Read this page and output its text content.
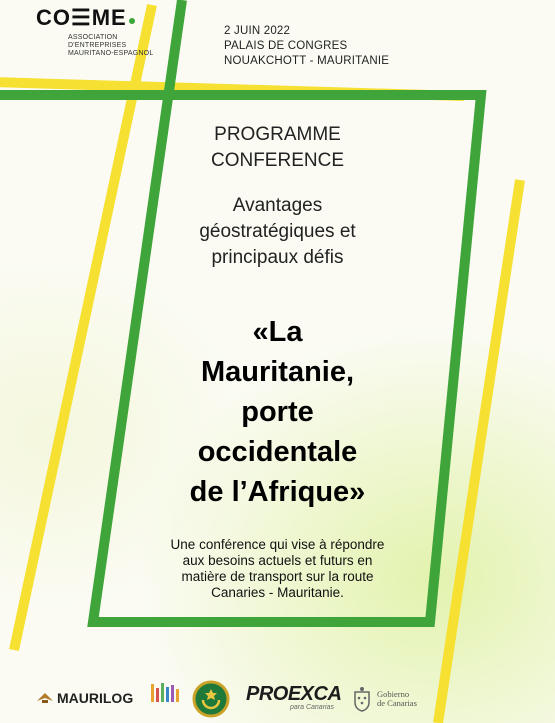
CO☰ME
ASSOCIATION
D'ENTREPRISES
MAURITANO-ESPAGNOL
2 JUIN 2022
PALAIS DE CONGRES
NOUAKCHOTT - MAURITANIE
PROGRAMME
CONFERENCE
Avantages
géostratégiques et
principaux défis
«La
Mauritanie,
porte
occidentale
de l’Afrique»
Une conférence qui vise à répondre
aux besoins actuels et futurs en
matière de transport sur la route
Canaries - Mauritanie.
MAURILOG	PROEXCA
para Canarias
Gobierno
de Canarias
